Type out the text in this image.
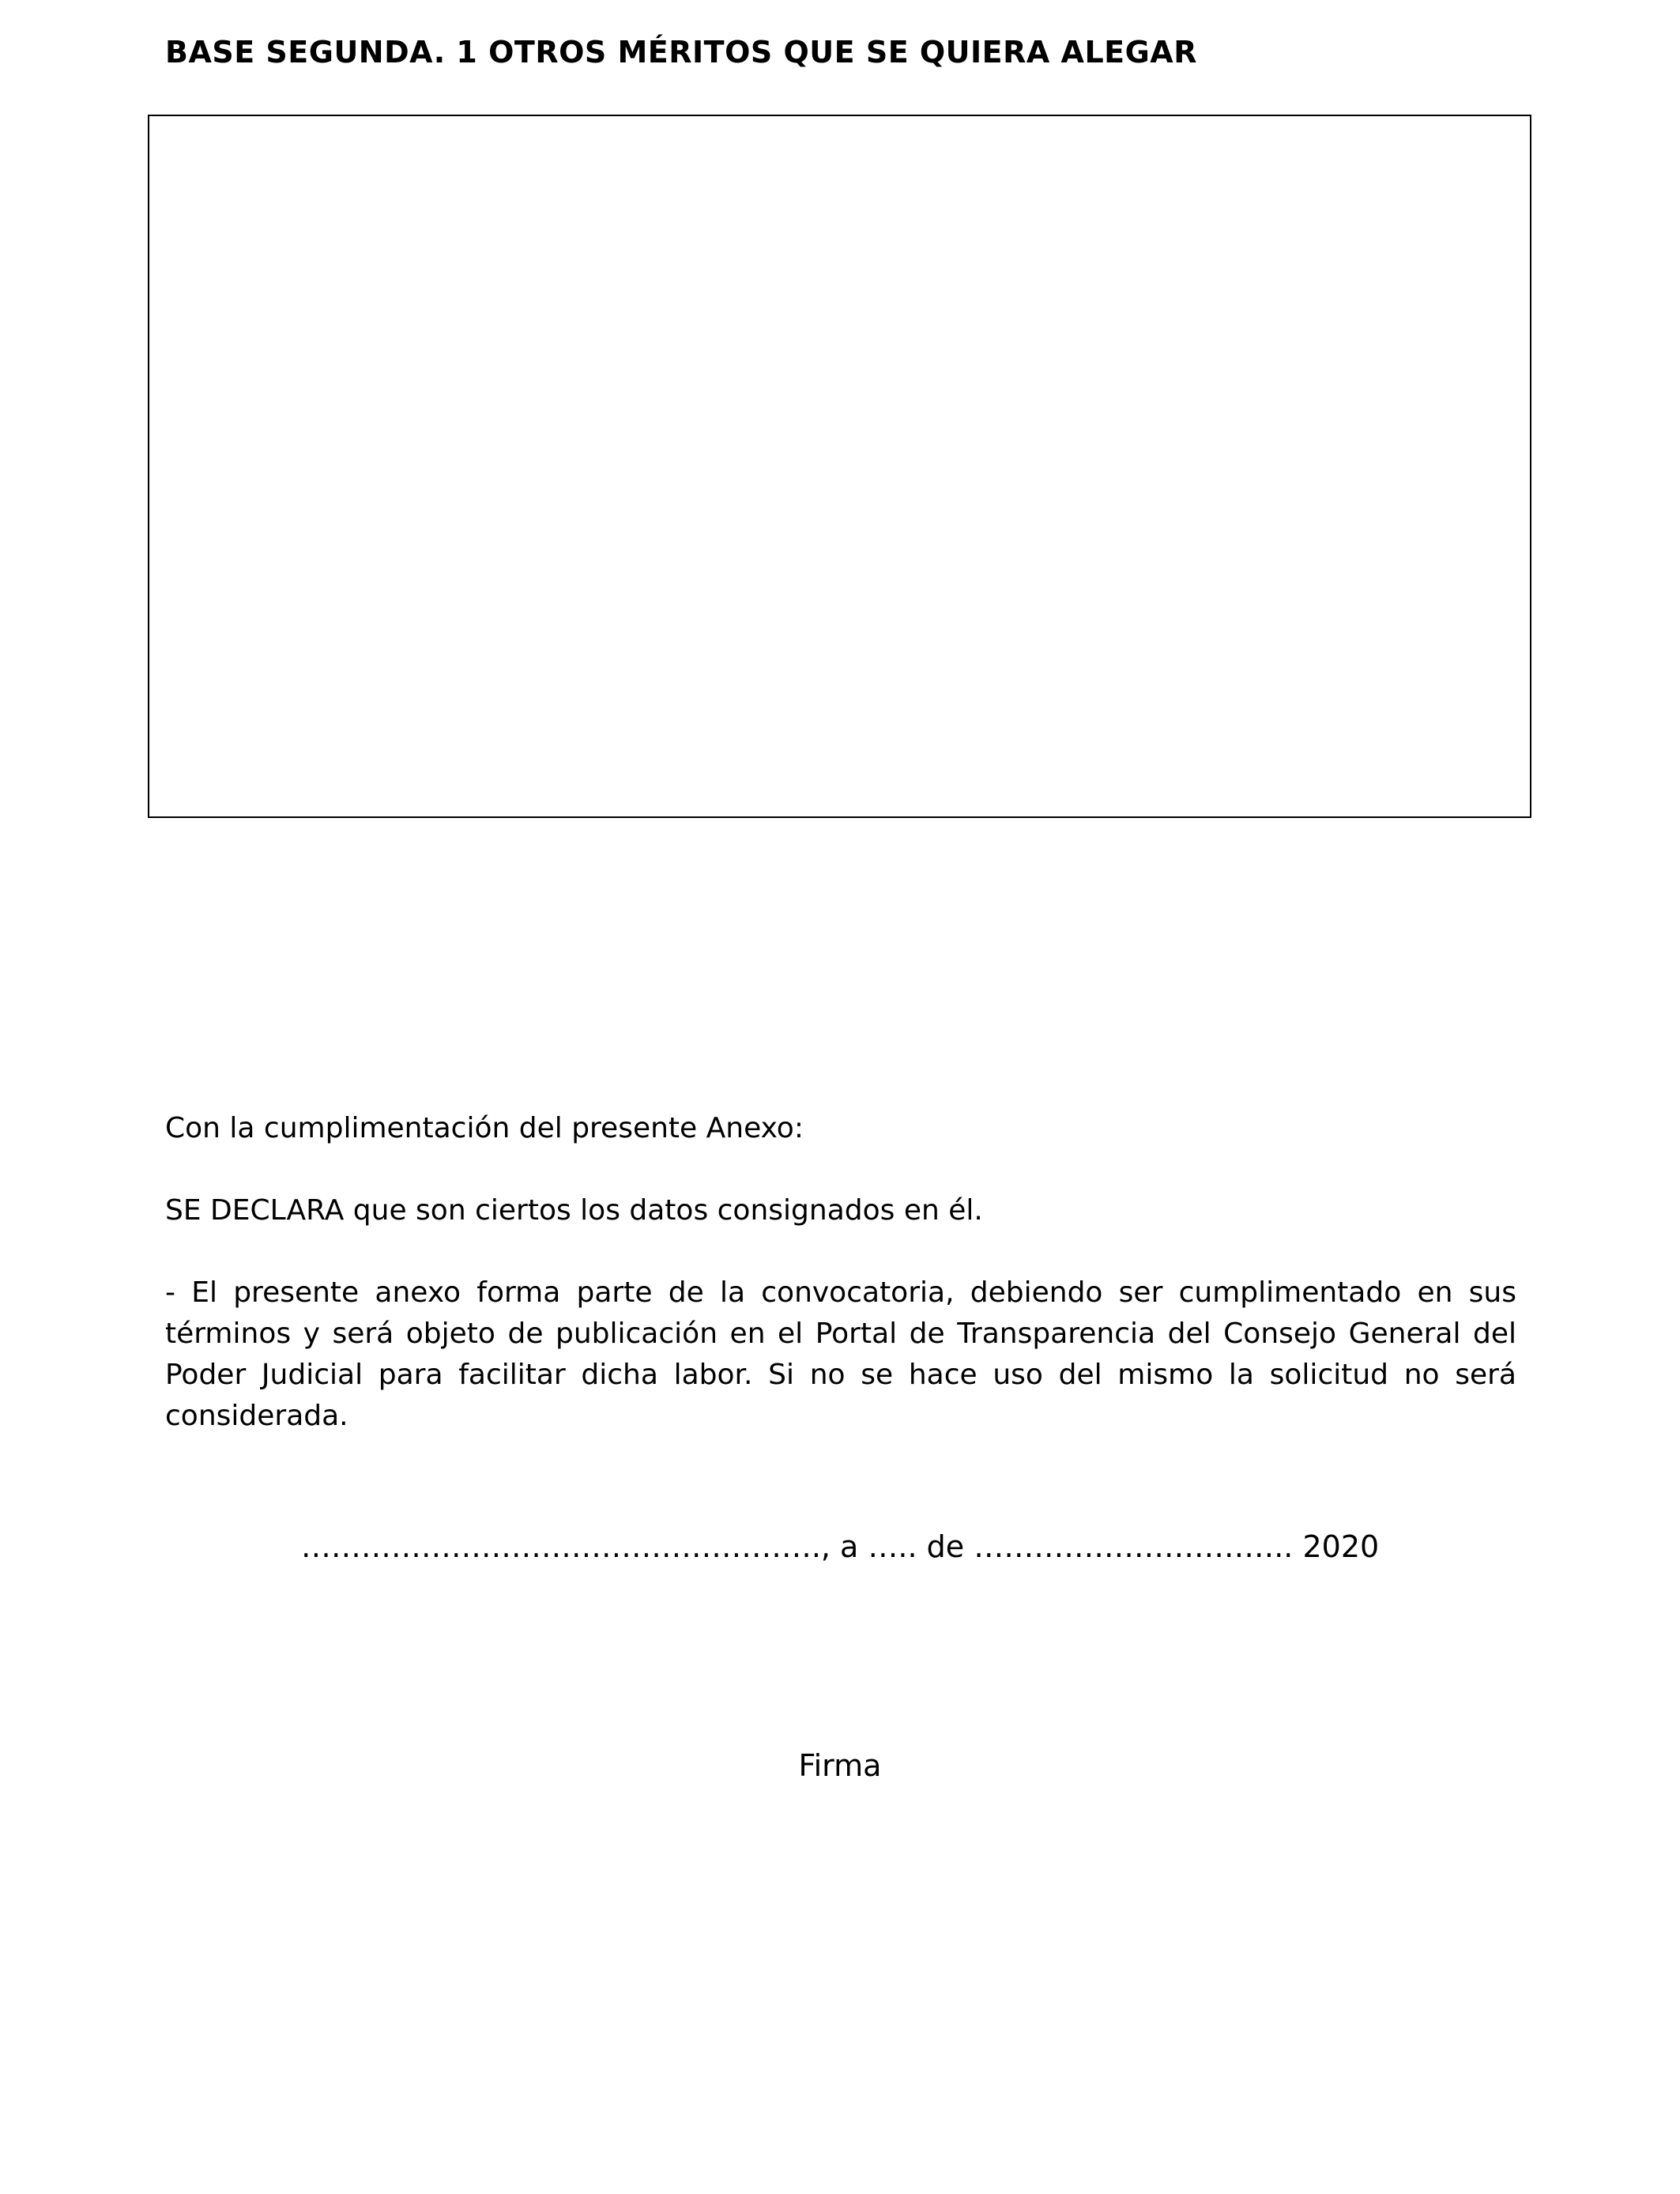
BASE SEGUNDA. 1 OTROS MÉRITOS QUE SE QUIERA ALEGAR
Con la cumplimentación del presente Anexo:
SE DECLARA que son ciertos los datos consignados en él.
- El presente anexo forma parte de la convocatoria, debiendo ser cumplimentado en sus términos y será objeto de publicación en el Portal de Transparencia del Consejo General del Poder Judicial para facilitar dicha labor. Si no se hace uso del mismo la solicitud no será considerada.
……………………………………………., a ….. de ………………………….. 2020
Firma
